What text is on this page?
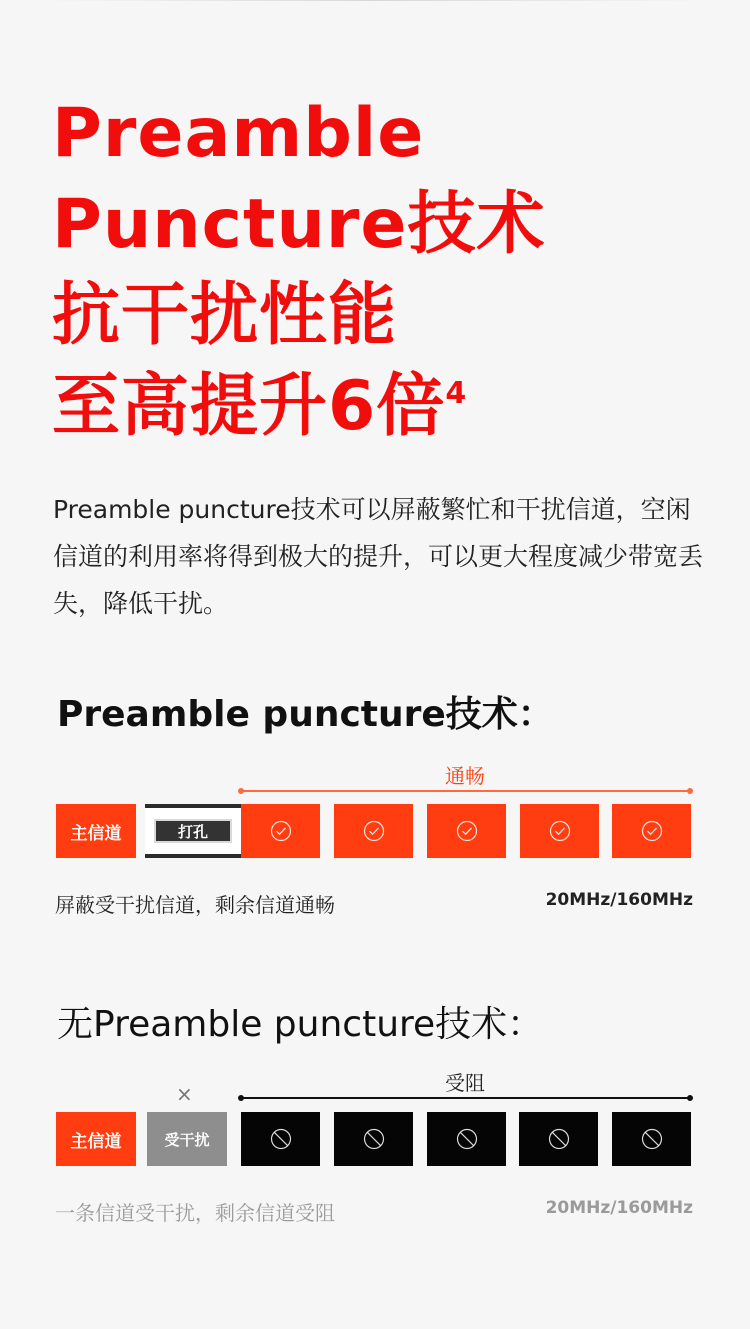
Preamble
Puncture技术
抗干扰性能
至高提升6倍$^4$
Preamble puncture技术可以屏蔽繁忙和干扰信道，空闲信道的利用率将得到极大的提升，可以更大程度减少带宽丢失，降低干扰。
Preamble puncture技术：
通畅
主信道	打孔
屏蔽受干扰信道，剩余信道通畅	20MHz/160MHz
无Preamble puncture技术：
受阻
×
主信道	受干扰
一条信道受干扰，剩余信道受阻	20MHz/160MHz
